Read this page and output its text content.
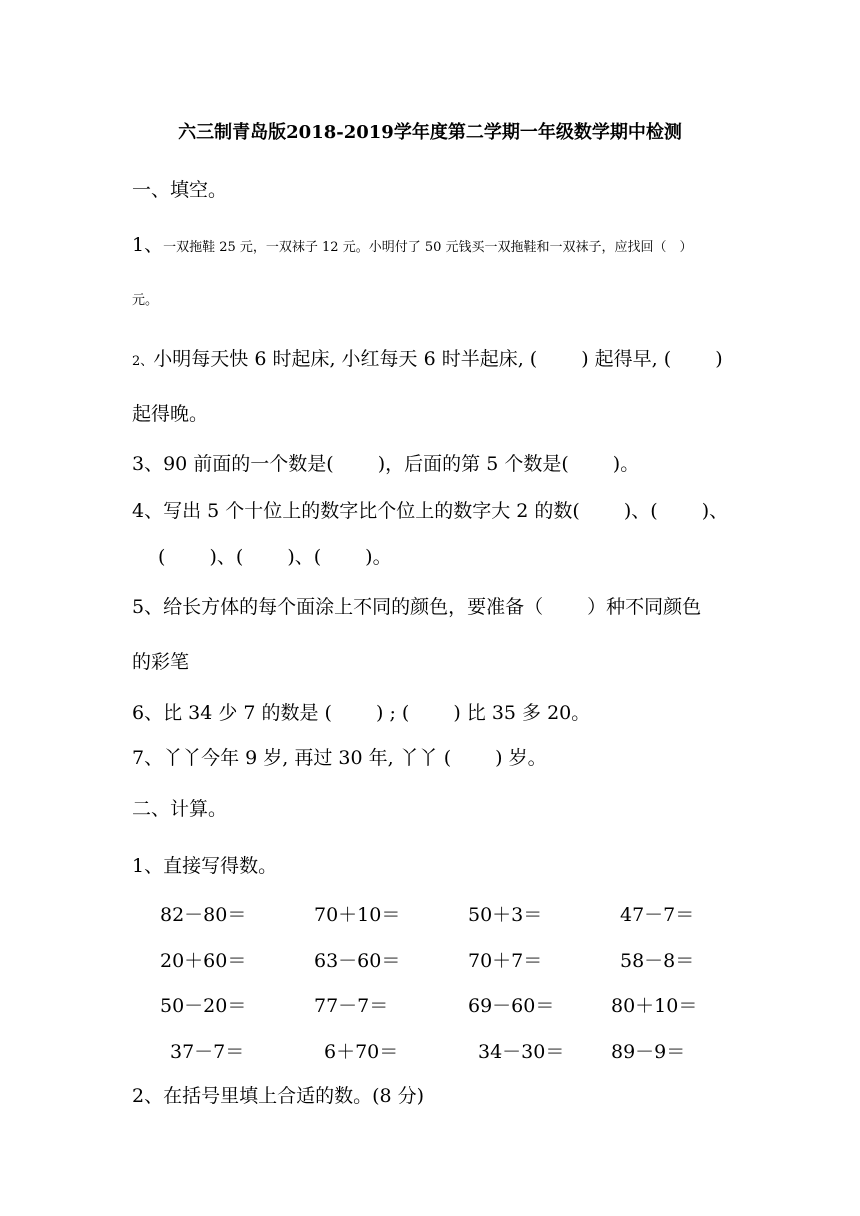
六三制青岛版2018-2019学年度第二学期一年级数学期中检测
一、填空。
1、一双拖鞋 25 元，一双袜子 12 元。小明付了 50 元钱买一双拖鞋和一双袜子，应找回（　）
元。
2、小明每天快 6 时起床, 小红每天 6 时半起床, (　　 ) 起得早, (　　 )
起得晚。
3、90 前面的一个数是(　　 )，后面的第 5 个数是(　　 )。
4、写出 5 个十位上的数字比个位上的数字大 2 的数(　　 )、(　　 )、
(　　 )、(　　 )、(　　 )。
5、给长方体的每个面涂上不同的颜色，要准备（　　 ）种不同颜色
的彩笔
6、比 34 少 7 的数是 (　　 ) ; (　　 ) 比 35 多 20。
7、丫丫今年 9 岁, 再过 30 年, 丫丫 (　　 ) 岁。
二、计算。
1、直接写得数。
82－80＝	70＋10＝	50＋3＝	47－7＝
20＋60＝	63－60＝	70＋7＝	58－8＝
50－20＝	77－7＝	69－60＝	80＋10＝
37－7＝	6＋70＝	34－30＝ 89－9＝
2、在括号里填上合适的数。(8 分)
